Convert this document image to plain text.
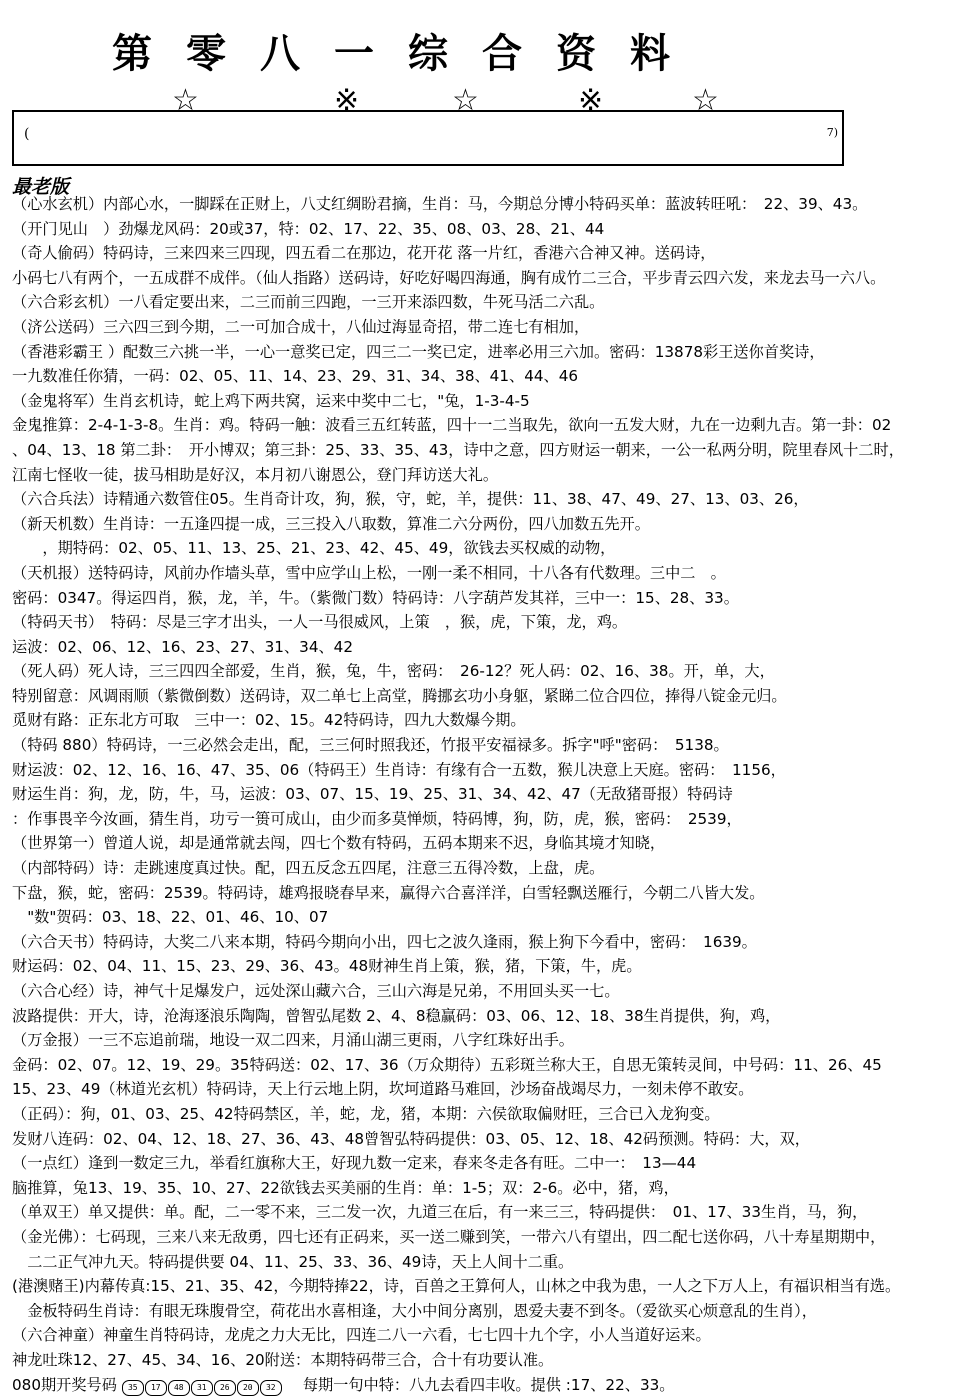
第零八一综合资料
☆	※	☆	※	☆
(	7)
最老版
（心水玄机）内部心水，一脚踩在正财上，八丈红绸盼君摘，生肖：马，今期总分博小特码买单：蓝波转旺吼：　22、39、43。
（开门见山　）劲爆龙风码：20或37，特：02、17、22、35、08、03、28、21、44
（奇人偷码）特码诗，三来四来三四现，四五看二在那边，花开花 落一片红，香港六合神又神。送码诗，
小码七八有两个，一五成群不成伴。（仙人指路）送码诗，好吃好喝四海通，胸有成竹二三合，平步青云四六发，来龙去马一六八。
（六合彩玄机）一八看定要出来，二三而前三四跑，一三开来添四数，牛死马活二六乱。
（济公送码）三六四三到今期，二一可加合成十，八仙过海显奇招，带二连七有相加，
（香港彩霸王 ）配数三六挑一半，一心一意奖已定，四三二一奖已定，进率必用三六加。密码：13878彩王送你首奖诗，
一九数准任你猜，一码：02、05、11、14、23、29、31、34、38、41、44、46
（金鬼将军）生肖玄机诗，蛇上鸡下两共窝，运来中奖中二七，"兔，1-3-4-5
金鬼推算：2-4-1-3-8。生肖：鸡。特码一触：波看三五红转蓝，四十一二当取先，欲向一五发大财，九在一边剩九吉。第一卦：02
、04、13、18 第二卦：　开小博双；第三卦：25、33、35、43，诗中之意，四方财运一朝来，一公一私两分明，院里春风十二时，
江南七怪收一徒，拔马相助是好汉，本月初八谢恩公，登门拜访送大礼。
（六合兵法）诗精通六数管住05。生肖奇计攻，狗，猴，守，蛇，羊，提供：11、38、47、49、27、13、03、26，
（新天机数）生肖诗：一五逢四提一成，三三投入八取数，算准二六分两份，四八加数五先开。
　　，期特码：02、05、11、13、25、21、23、42、45、49，欲钱去买权威的动物，
（天机报）送特码诗，风前办作墙头草，雪中应学山上松，一刚一柔不相同，十八各有代数理。三中二　。
密码：0347。得运四肖，猴，龙，羊，牛。（紫微门数）特码诗：八字葫芦发其祥，三中一：15、28、33。
（特码天书）　特码：尽是三字才出头，一人一马很威风，上策　，猴，虎，下策，龙，鸡。
运波：02、06、12、16、23、27、31、34、42
（死人码）死人诗，三三四四全部爱，生肖，猴，兔，牛，密码：　26-12？死人码：02、16、38。开，单，大，
特别留意：风调雨顺（紫微倒数）送码诗，双二单七上高堂，腾挪玄功小身躯，紧睇二位合四位，捧得八锭金元归。
觅财有路：正东北方可取　三中一：02、15。42特码诗，四九大数爆今期。
（特码 880）特码诗，一三必然会走出，配，三三何时照我还，竹报平安福禄多。拆字"呼"密码：　5138。
财运波：02、12、16、16、47、35、06（特码王）生肖诗：有缘有合一五数，猴儿决意上天庭。密码：　1156，
财运生肖：狗，龙，防，牛，马，运波：03、07、15、19、25、31、34、42、47（无敌猪哥报）特码诗
：作事畏辛今汝画，猜生肖，功亏一篑可成山，由少而多莫惮烦，特码博，狗，防，虎，猴，密码：　2539，
（世界第一）曾道人说，却是通常就去闯，四七个数有特码，五码本期来不迟，身临其境才知晓，
（内部特码）诗：走跳速度真过快。配，四五反念五四尾，注意三五得冷数，上盘，虎。
下盘，猴，蛇，密码：2539。特码诗，雄鸡报晓春早来，赢得六合喜洋洋，白雪轻飘送雁行，今朝二八皆大发。
　"数"贺码：03、18、22、01、46、10、07
（六合天书）特码诗，大奖二八来本期，特码今期向小出，四七之波久逢雨，猴上狗下今看中，密码：　1639。
财运码：02、04、11、15、23、29、36、43。48财神生肖上策，猴，猪，下策，牛，虎。
（六合心经）诗，神气十足爆发户，远处深山藏六合，三山六海是兄弟，不用回头买一七。
波路提供：开大，诗，沧海逐浪乐陶陶，曾智弘尾数 2、4、8稳赢码：03、06、12、18、38生肖提供，狗，鸡，
（万金报）一三不忘追前瑞，地设一双二四来，月涌山湖三更雨，八字红珠好出手。
金码：02、07。12、19、29。35特码送：02、17、36（万众期待）五彩斑兰称大王，自思无策转灵间，中号码：11、26、45
15、23、49（林道光玄机）特码诗，天上行云地上阴，坎坷道路马难回，沙场奋战竭尽力，一刻未停不敢安。
（正码）：狗，01、03、25、42特码禁区，羊，蛇，龙，猪，本期：六侯欲取偏财旺，三合已入龙狗变。
发财八连码：02、04、12、18、27、36、43、48曾智弘特码提供：03、05、12、18、42码预测。特码：大，双，
（一点红）逢到一数定三九，举看红旗称大王，好现九数一定来，春来冬走各有旺。二中一：　13—44
脑推算，兔13、19、35、10、27、22欲钱去买美丽的生肖：单：1-5；双：2-6。必中，猪，鸡，
（单双王）单又提供：单。配，二一零不来，三二发一次，九道三在后，有一来三三，特码提供：　01、17、33生肖，马，狗，
（金光佛）：七码现，三来八来无敌勇，四七还有正码来，买一送二赚到笑，一带六八有望出，四二配七送你码，八十寿星期期中，
　二二正气冲九天。特码提供要 04、11、25、33、36、49诗，天上人间十二重。
(港澳赌王)内幕传真:15、21、35、42，今期特捧22，诗，百兽之王算何人，山林之中我为患，一人之下万人上，有福识相当有选。
　金板特码生肖诗：有眼无珠腹骨空，荷花出水喜相逢，大小中间分离别，恩爱夫妻不到冬。（爱欲买心烦意乱的生肖），
（六合神童）神童生肖特码诗，龙虎之力大无比，四连二八一六看，七七四十九个字，小人当道好运来。
神龙吐珠12、27、45、34、16、20附送：本期特码带三合，合十有功要认准。
080期开奖号码 35 17 48 31 26 20 32 　每期一句中特：八九去看四丰收。提供 :17、22、33。
